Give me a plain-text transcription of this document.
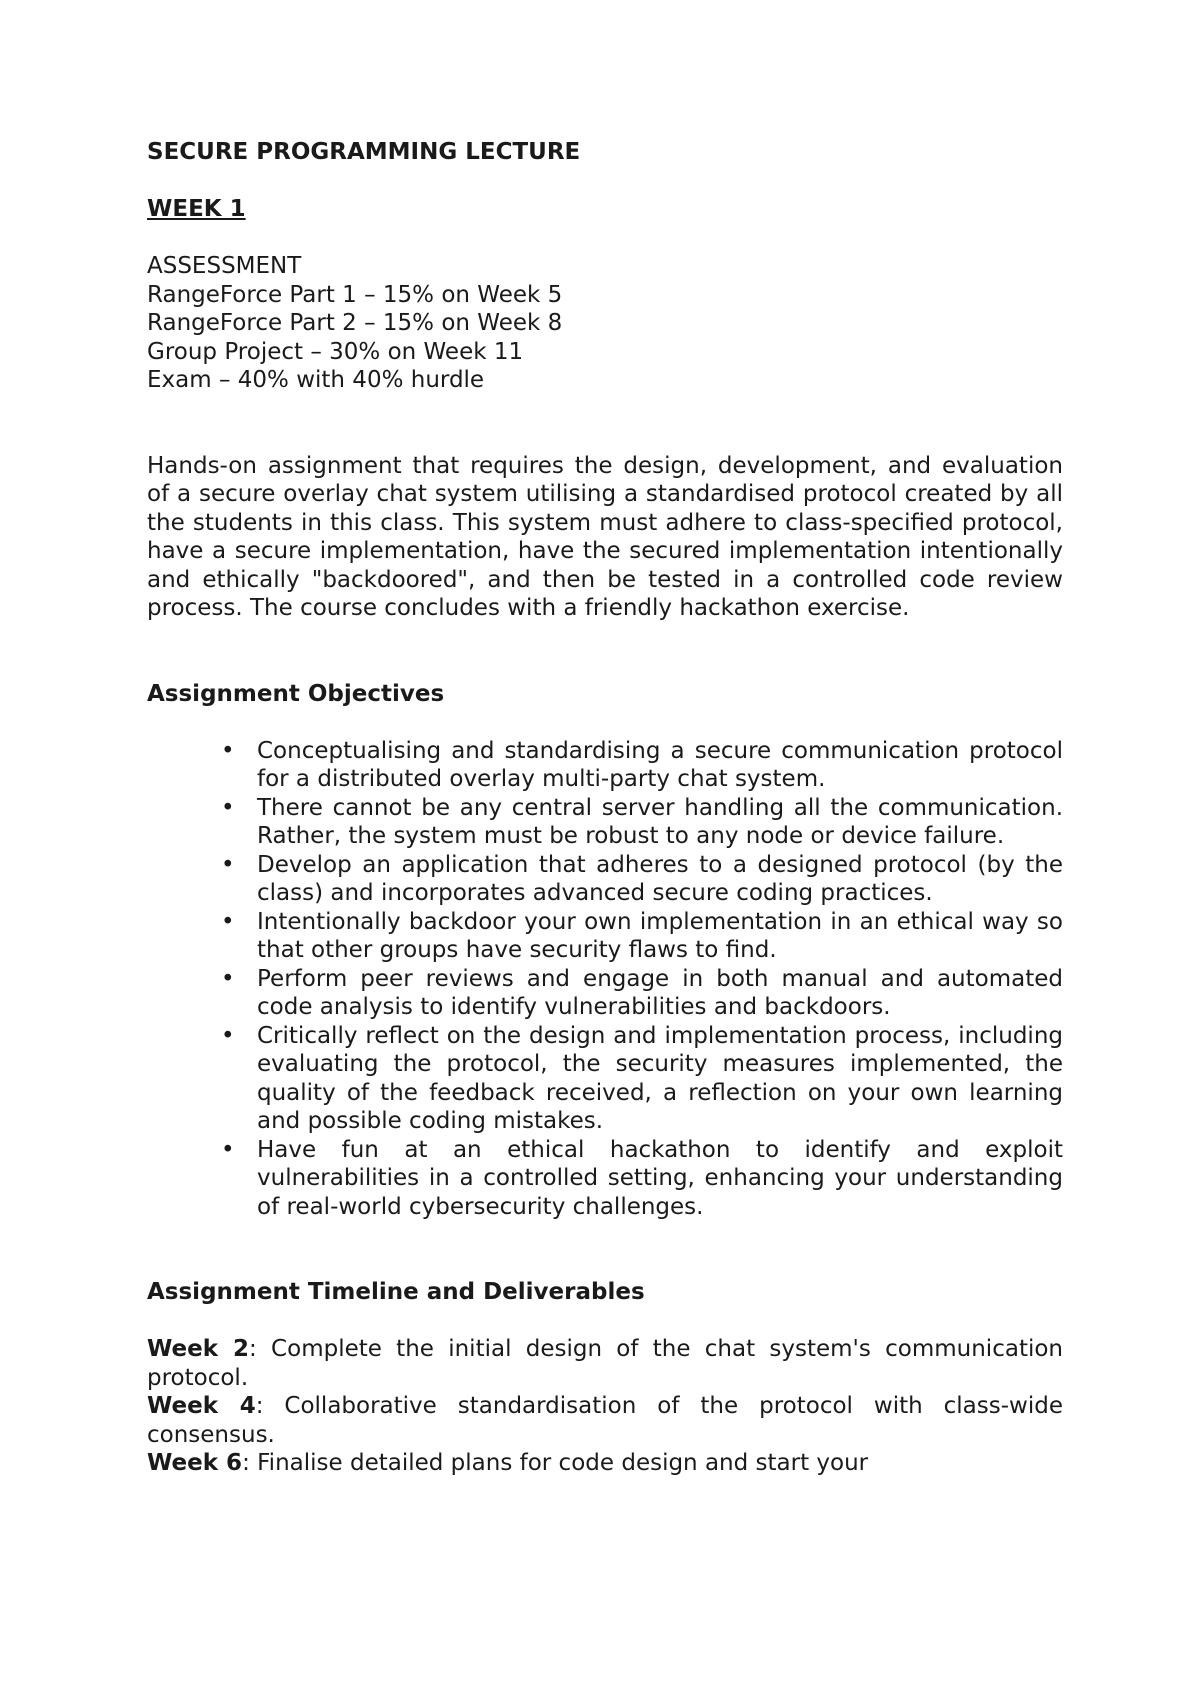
SECURE PROGRAMMING LECTURE

WEEK 1

ASSESSMENT
RangeForce Part 1 – 15% on Week 5
RangeForce Part 2 – 15% on Week 8
Group Project – 30% on Week 11
Exam – 40% with 40% hurdle

Hands-on assignment that requires the design, development, and evaluation of a secure overlay chat system utilising a standardised protocol created by all the students in this class. This system must adhere to class-specified protocol, have a secure implementation, have the secured implementation intentionally and ethically "backdoored", and then be tested in a controlled code review process. The course concludes with a friendly hackathon exercise.

Assignment Objectives

• Conceptualising and standardising a secure communication protocol for a distributed overlay multi-party chat system.
• There cannot be any central server handling all the communication. Rather, the system must be robust to any node or device failure.
• Develop an application that adheres to a designed protocol (by the class) and incorporates advanced secure coding practices.
• Intentionally backdoor your own implementation in an ethical way so that other groups have security flaws to find.
• Perform peer reviews and engage in both manual and automated code analysis to identify vulnerabilities and backdoors.
• Critically reflect on the design and implementation process, including evaluating the protocol, the security measures implemented, the quality of the feedback received, a reflection on your own learning and possible coding mistakes.
• Have fun at an ethical hackathon to identify and exploit vulnerabilities in a controlled setting, enhancing your understanding of real-world cybersecurity challenges.

Assignment Timeline and Deliverables

Week 2: Complete the initial design of the chat system's communication protocol.

Week 4: Collaborative standardisation of the protocol with class-wide consensus.

Week 6: Finalise detailed plans for code design and start your
